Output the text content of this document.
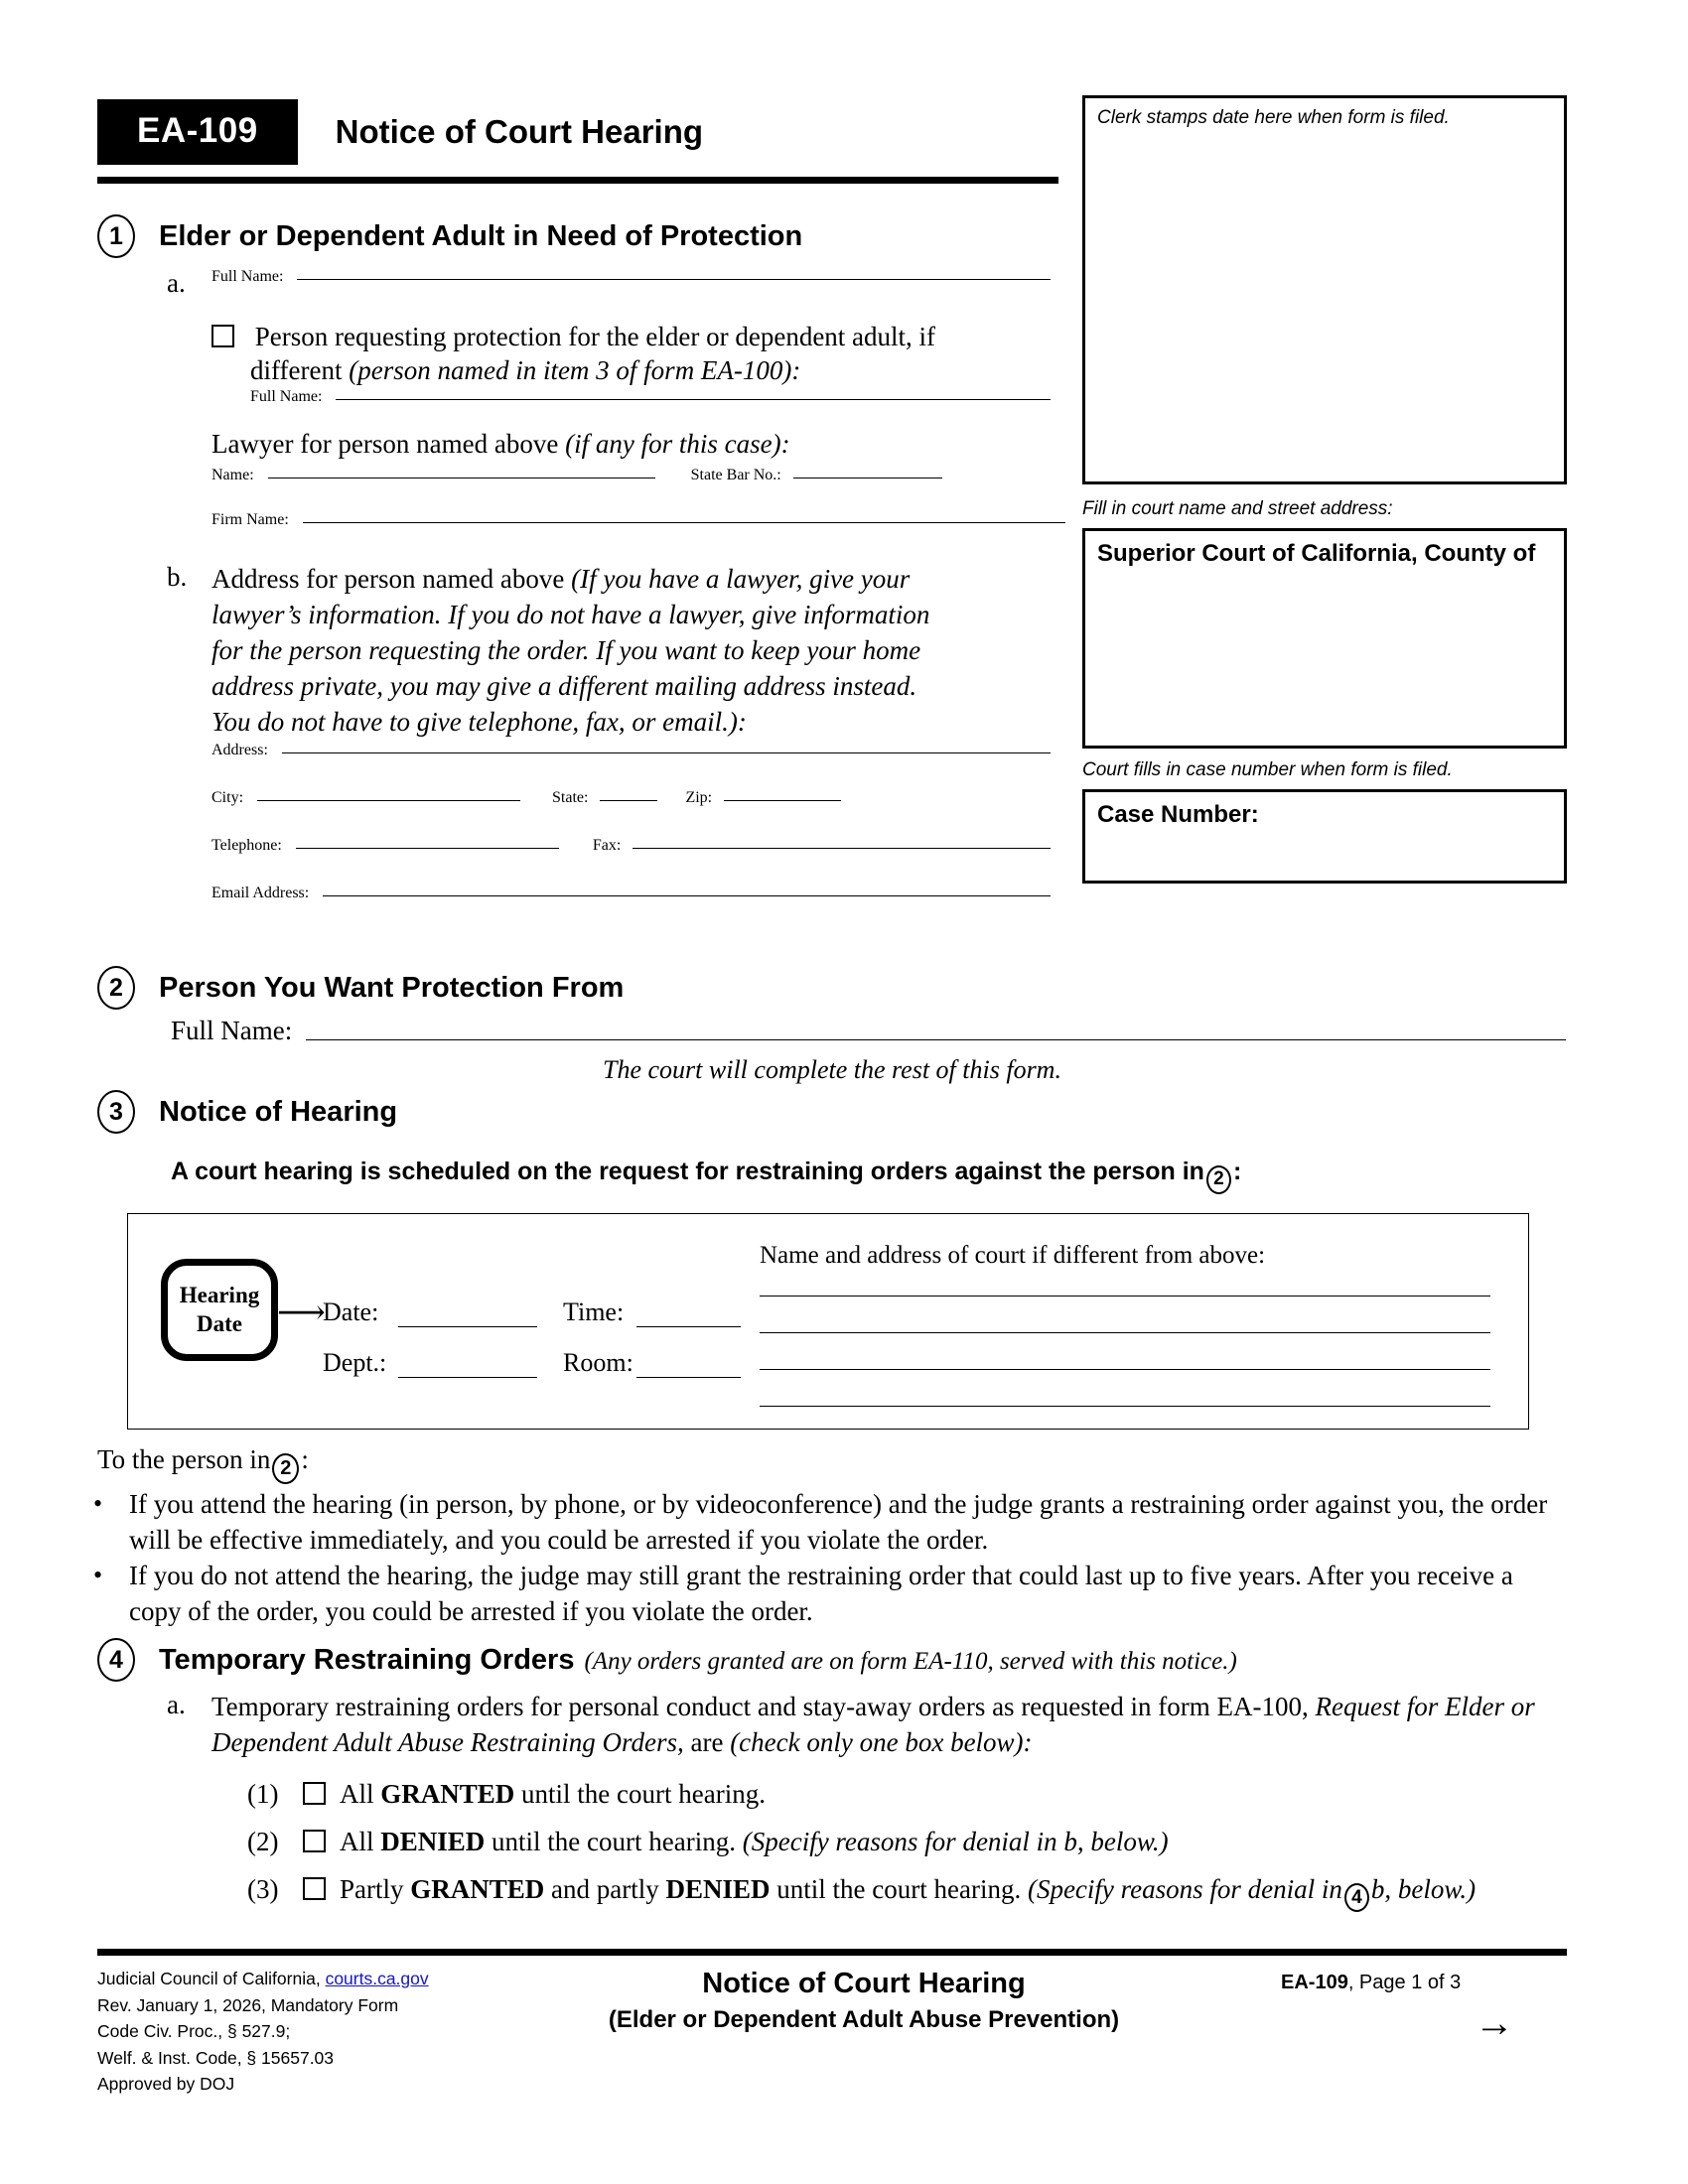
EA-109 Notice of Court Hearing	Clerk stamps date here when form is filed.
Fill in court name and street address:
Superior Court of California, County of
Court fills in case number when form is filed.
Case Number:
1	Elder or Dependent Adult in Need of Protection
a. Full Name:
Person requesting protection for the elder or dependent adult, if
different (person named in item 3 of form EA-100):
Full Name:
Lawyer for person named above (if any for this case):
Name:	State Bar No.:
Firm Name:
b. Address for person named above (If you have a lawyer, give your lawyer’s information. If you do not have a lawyer, give information for the person requesting the order. If you want to keep your home address private, you may give a different mailing address instead. You do not have to give telephone, fax, or email.):
Address:
City:	State:	Zip:
Telephone:	Fax:
Email Address:
2	Person You Want Protection From
Full Name:
The court will complete the rest of this form.
3	Notice of Hearing
A court hearing is scheduled on the request for restraining orders against the person in 2 :
Hearing
Date ⟶
Date:	Time:
Dept.:	Room:
Name and address of court if different from above:
To the person in 2 :
• If you attend the hearing (in person, by phone, or by videoconference) and the judge grants a restraining order against you, the order will be effective immediately, and you could be arrested if you violate the order.
• If you do not attend the hearing, the judge may still grant the restraining order that could last up to five years. After you receive a copy of the order, you could be arrested if you violate the order.
4	Temporary Restraining Orders (Any orders granted are on form EA-110, served with this notice.)
a. Temporary restraining orders for personal conduct and stay-away orders as requested in form EA-100, Request for Elder or Dependent Adult Abuse Restraining Orders, are (check only one box below):
(1) All GRANTED until the court hearing.
(2) All DENIED until the court hearing. (Specify reasons for denial in b, below.)
(3) Partly GRANTED and partly DENIED until the court hearing. (Specify reasons for denial in 4 b, below.)
Judicial Council of California, courts.ca.gov
Rev. January 1, 2026, Mandatory Form
Code Civ. Proc., § 527.9;
Welf. & Inst. Code, § 15657.03
Approved by DOJ
Notice of Court Hearing
(Elder or Dependent Adult Abuse Prevention)
EA-109, Page 1 of 3
→
